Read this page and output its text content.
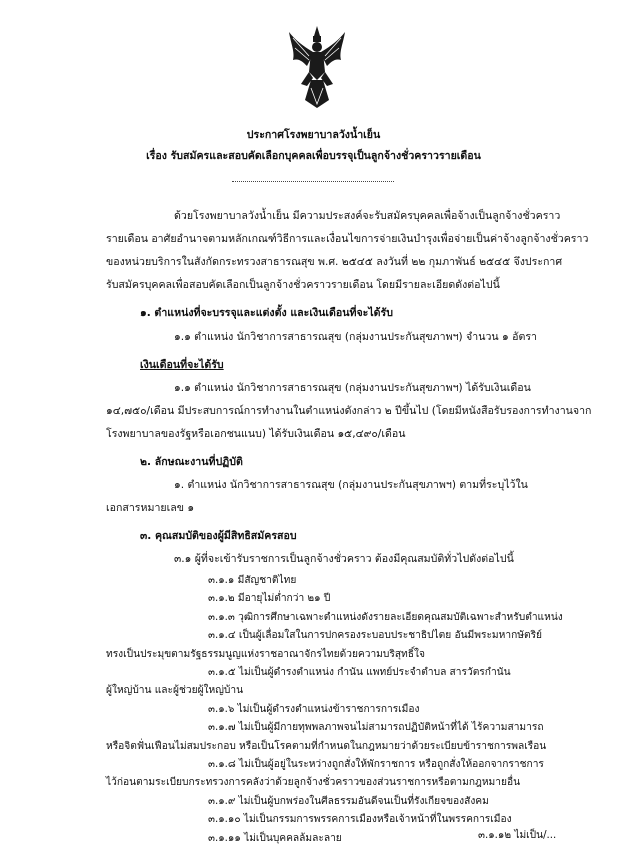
ประกาศโรงพยาบาลวังน้ำเย็น
เรื่อง รับสมัครและสอบคัดเลือกบุคคลเพื่อบรรจุเป็นลูกจ้างชั่วคราวรายเดือน
ด้วยโรงพยาบาลวังน้ำเย็น มีความประสงค์จะรับสมัครบุคคลเพื่อจ้างเป็นลูกจ้างชั่วคราว
รายเดือน อาศัยอำนาจตามหลักเกณฑ์วิธีการและเงื่อนไขการจ่ายเงินบำรุงเพื่อจ่ายเป็นค่าจ้างลูกจ้างชั่วคราว
ของหน่วยบริการในสังกัดกระทรวงสาธารณสุข พ.ศ. ๒๕๔๕ ลงวันที่ ๒๒ กุมภาพันธ์ ๒๕๔๕ จึงประกาศ
รับสมัครบุคคลเพื่อสอบคัดเลือกเป็นลูกจ้างชั่วคราวรายเดือน โดยมีรายละเอียดดังต่อไปนี้
๑. ตำแหน่งที่จะบรรจุและแต่งตั้ง และเงินเดือนที่จะได้รับ
๑.๑ ตำแหน่ง นักวิชาการสาธารณสุข (กลุ่มงานประกันสุขภาพฯ) จำนวน ๑ อัตรา
เงินเดือนที่จะได้รับ
๑.๑ ตำแหน่ง นักวิชาการสาธารณสุข (กลุ่มงานประกันสุขภาพฯ) ได้รับเงินเดือน
๑๔,๗๕๐/เดือน มีประสบการณ์การทำงานในตำแหน่งดังกล่าว ๒ ปีขึ้นไป (โดยมีหนังสือรับรองการทำงานจาก
โรงพยาบาลของรัฐหรือเอกชนแนบ) ได้รับเงินเดือน ๑๕,๔๙๐/เดือน
๒. ลักษณะงานที่ปฏิบัติ
๑. ตำแหน่ง นักวิชาการสาธารณสุข (กลุ่มงานประกันสุขภาพฯ) ตามที่ระบุไว้ใน
เอกสารหมายเลข ๑
๓. คุณสมบัติของผู้มีสิทธิสมัครสอบ
๓.๑ ผู้ที่จะเข้ารับราชการเป็นลูกจ้างชั่วคราว ต้องมีคุณสมบัติทั่วไปดังต่อไปนี้
๓.๑.๑ มีสัญชาติไทย
๓.๑.๒ มีอายุไม่ต่ำกว่า ๒๑ ปี
๓.๑.๓ วุฒิการศึกษาเฉพาะตำแหน่งดังรายละเอียดคุณสมบัติเฉพาะสำหรับตำแหน่ง
๓.๑.๔ เป็นผู้เลื่อมใสในการปกครองระบอบประชาธิปไตย อันมีพระมหากษัตริย์
ทรงเป็นประมุขตามรัฐธรรมนูญแห่งราชอาณาจักรไทยด้วยความบริสุทธิ์ใจ
๓.๑.๕ ไม่เป็นผู้ดำรงตำแหน่ง กำนัน แพทย์ประจำตำบล สารวัตรกำนัน
ผู้ใหญ่บ้าน และผู้ช่วยผู้ใหญ่บ้าน
๓.๑.๖ ไม่เป็นผู้ดำรงตำแหน่งข้าราชการการเมือง
๓.๑.๗ ไม่เป็นผู้มีกายทุพพลภาพจนไม่สามารถปฏิบัติหน้าที่ได้ ไร้ความสามารถ
หรือจิตฟั่นเฟือนไม่สมประกอบ หรือเป็นโรคตามที่กำหนดในกฎหมายว่าด้วยระเบียบข้าราชการพลเรือน
๓.๑.๘ ไม่เป็นผู้อยู่ในระหว่างถูกสั่งให้พักราชการ หรือถูกสั่งให้ออกจากราชการ
ไว้ก่อนตามระเบียบกระทรวงการคลังว่าด้วยลูกจ้างชั่วคราวของส่วนราชการหรือตามกฎหมายอื่น
๓.๑.๙ ไม่เป็นผู้บกพร่องในศีลธรรมอันดีจนเป็นที่รังเกียจของสังคม
๓.๑.๑๐ ไม่เป็นกรรมการพรรคการเมืองหรือเจ้าหน้าที่ในพรรคการเมือง
๓.๑.๑๑ ไม่เป็นบุคคลล้มละลาย	๓.๑.๑๒ ไม่เป็น/...
